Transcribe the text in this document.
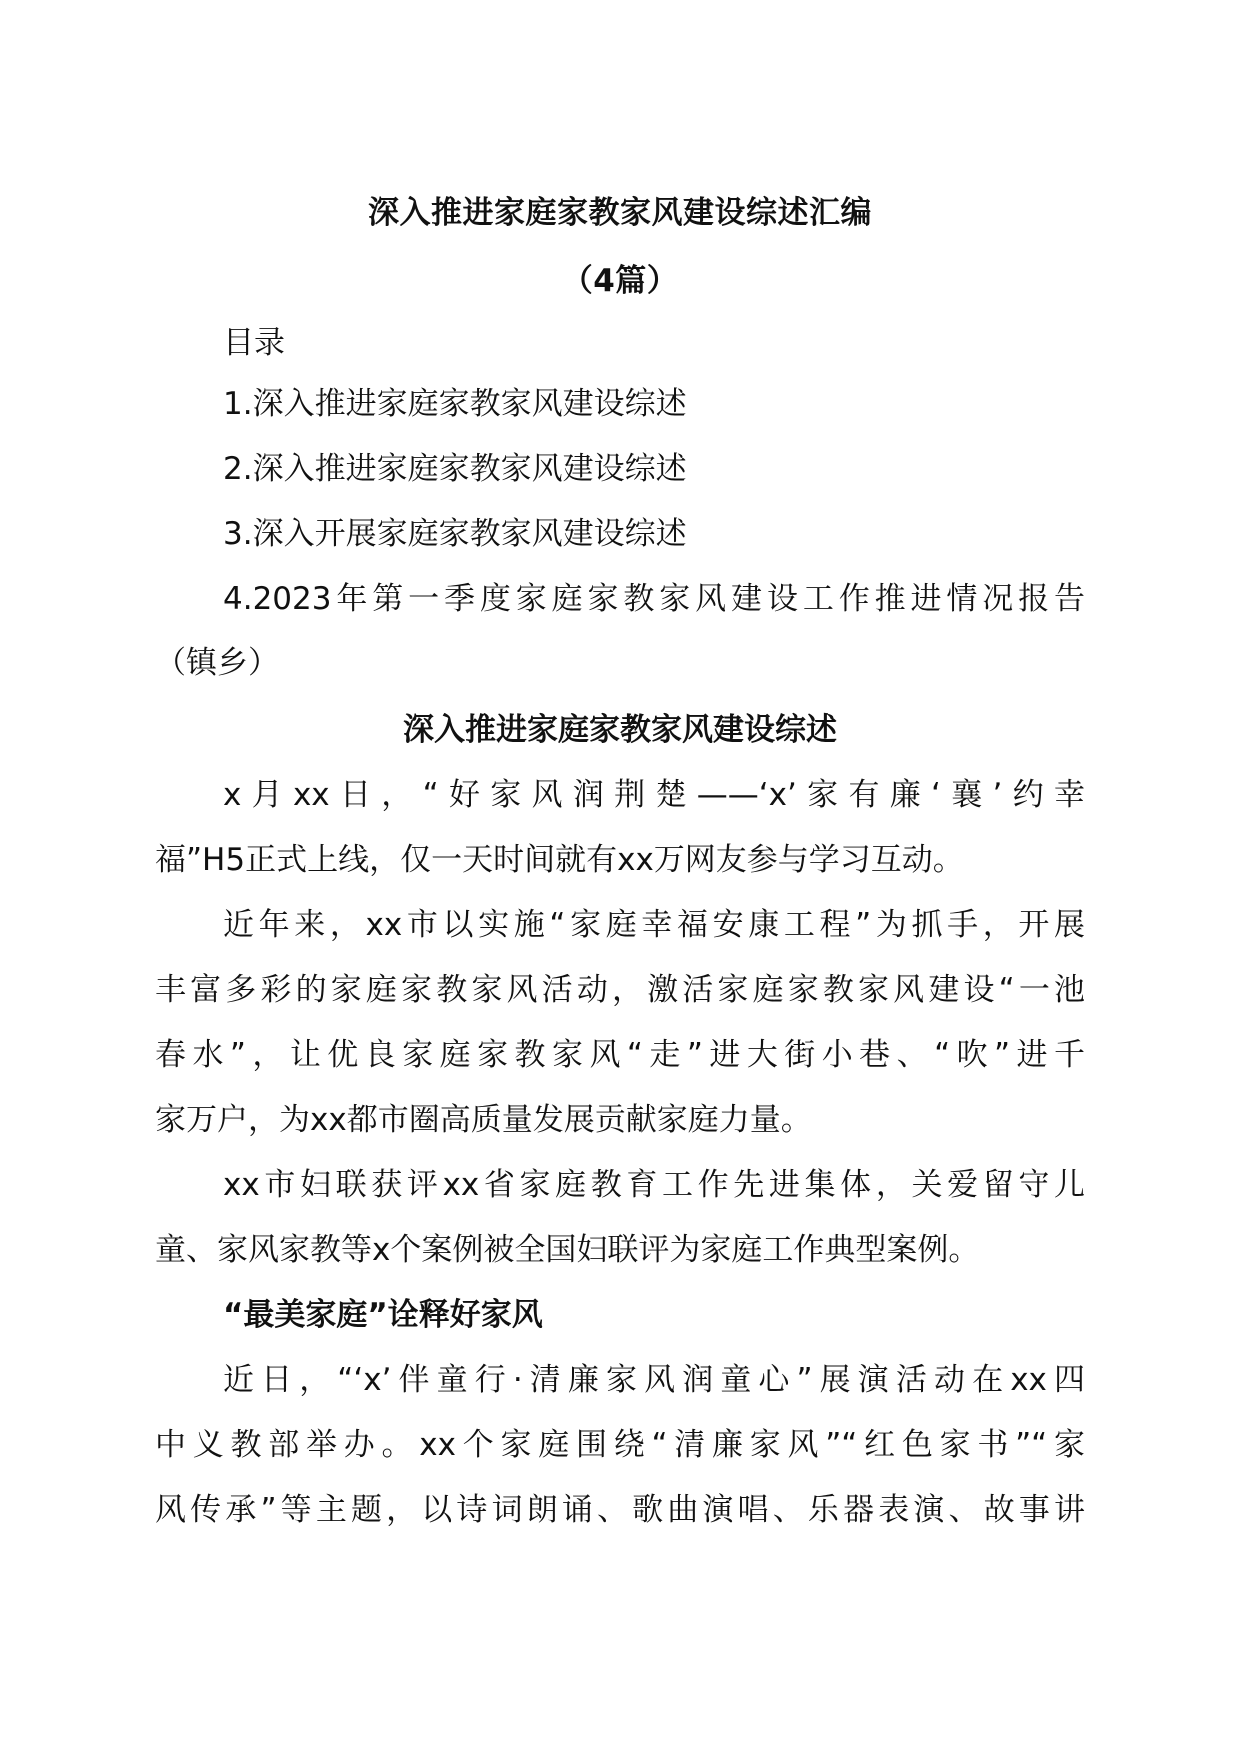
深入推进家庭家教家风建设综述汇编
（4篇）

目录

1.深入推进家庭家教家风建设综述

2.深入推进家庭家教家风建设综述

3.深入开展家庭家教家风建设综述

4.2023年第一季度家庭家教家风建设工作推进情况报告

（镇乡）

深入推进家庭家教家风建设综述

x月xx日，“好家风润荆楚——‘x’家有廉‘襄’约幸

福”H5正式上线，仅一天时间就有xx万网友参与学习互动。

近年来，xx市以实施“家庭幸福安康工程”为抓手，开展

丰富多彩的家庭家教家风活动，激活家庭家教家风建设“一池

春水”，让优良家庭家教家风“走”进大街小巷、“吹”进千

家万户，为xx都市圈高质量发展贡献家庭力量。

xx市妇联获评xx省家庭教育工作先进集体，关爱留守儿

童、家风家教等x个案例被全国妇联评为家庭工作典型案例。

“最美家庭”诠释好家风

近日，“‘x’伴童行·清廉家风润童心”展演活动在xx四

中义教部举办。xx个家庭围绕“清廉家风”“红色家书”“家

风传承”等主题，以诗词朗诵、歌曲演唱、乐器表演、故事讲
